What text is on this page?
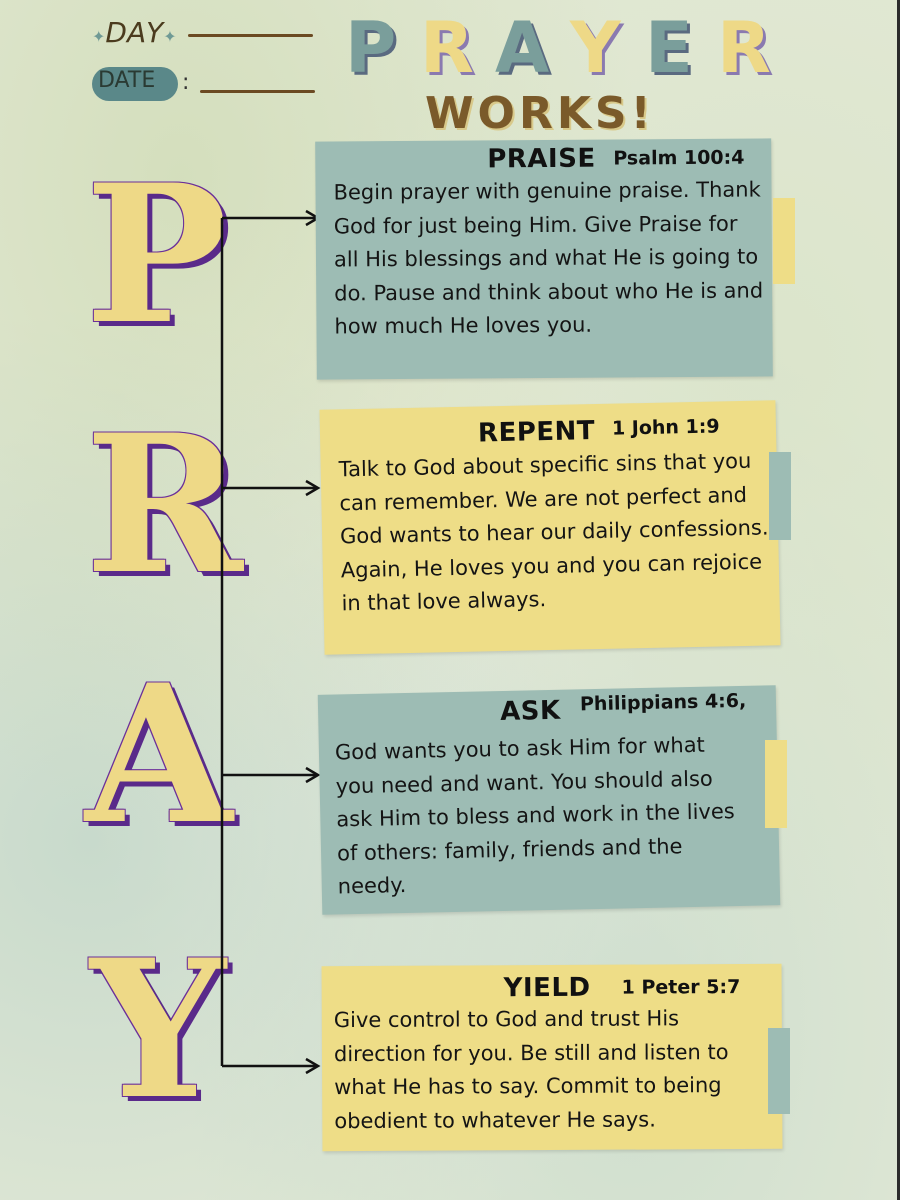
✦DAY✦
DATE : P R A Y E R
WORKS!
P
R
A
Y
PRAISE Psalm 100:4
Begin prayer with genuine praise. Thank God for just being Him. Give Praise for all His blessings and what He is going to do. Pause and think about who He is and how much He loves you.
REPENT 1 John 1:9
Talk to God about specific sins that you can remember. We are not perfect and God wants to hear our daily confessions. Again, He loves you and you can rejoice in that love always.
ASK Philippians 4:6,
God wants you to ask Him for what you need and want. You should also ask Him to bless and work in the lives of others: family, friends and the needy.
YIELD 1 Peter 5:7
Give control to God and trust His direction for you. Be still and listen to what He has to say. Commit to being obedient to whatever He says.
